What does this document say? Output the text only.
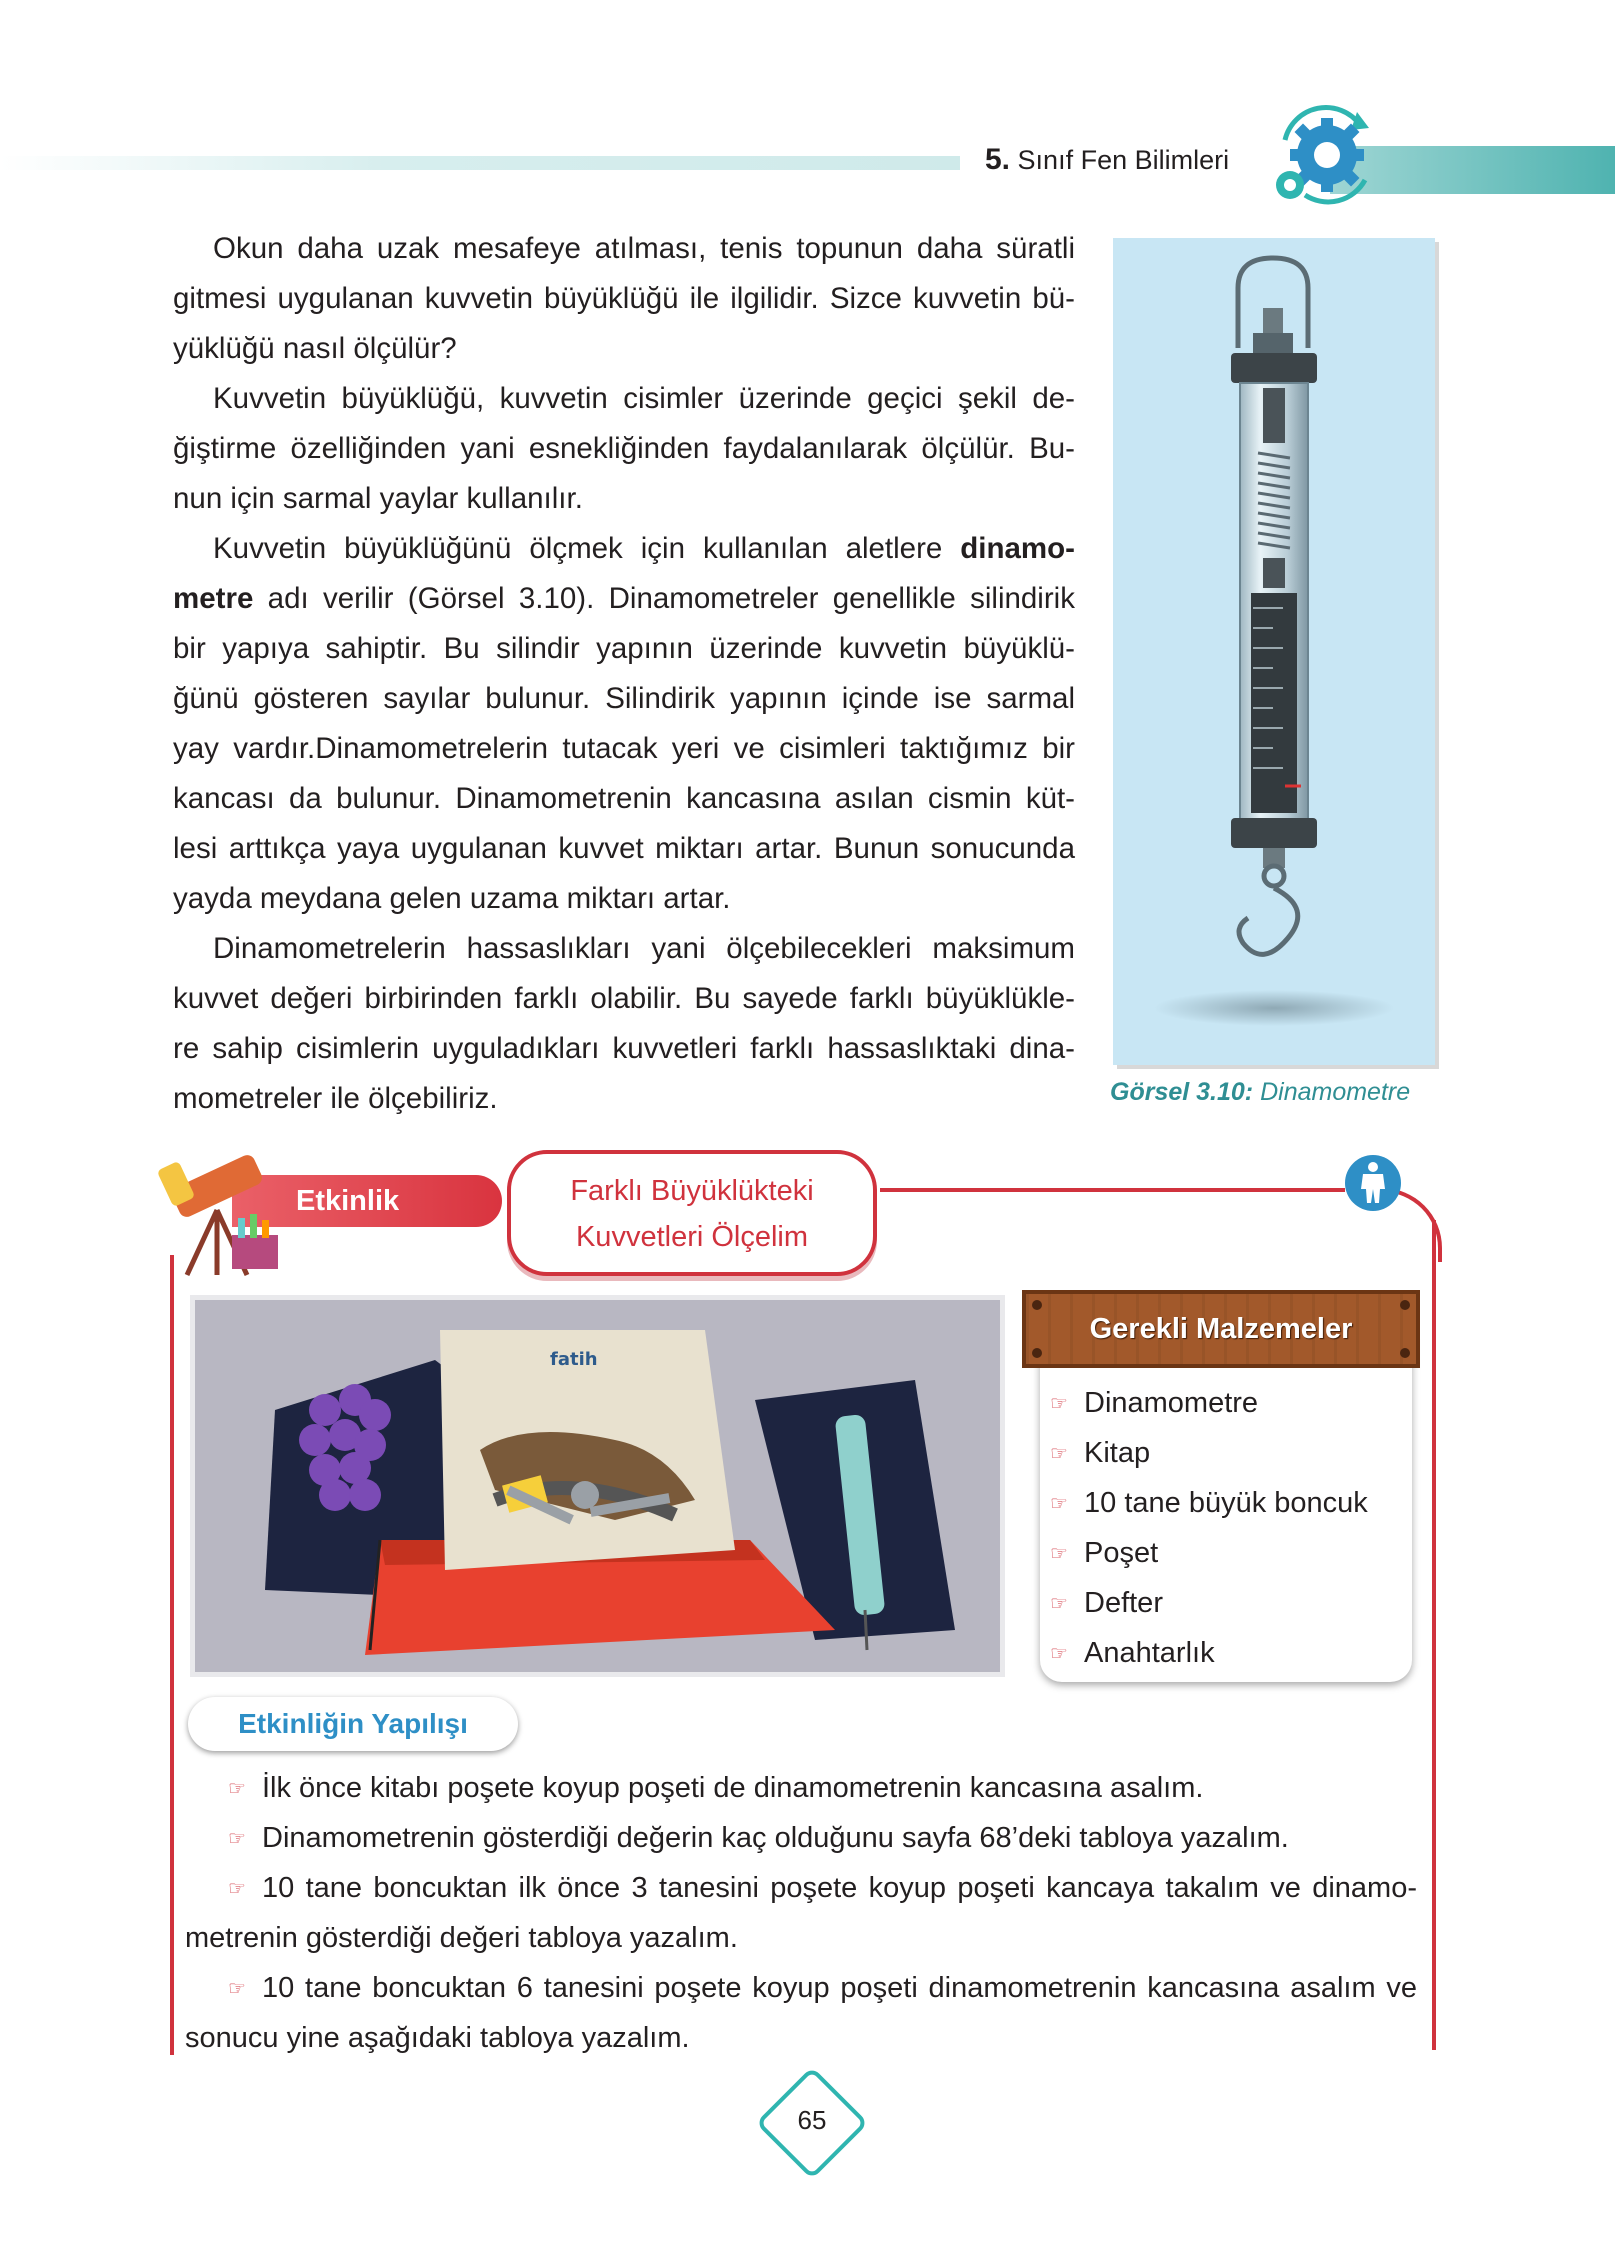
5. Sınıf Fen Bilimleri
Okun daha uzak mesafeye atılması, tenis topunun daha süratli
gitmesi uygulanan kuvvetin büyüklüğü ile ilgilidir. Sizce kuvvetin bü-
yüklüğü nasıl ölçülür?
Kuvvetin büyüklüğü, kuvvetin cisimler üzerinde geçici şekil de-
ğiştirme özelliğinden yani esnekliğinden faydalanılarak ölçülür. Bu-
nun için sarmal yaylar kullanılır.
Kuvvetin büyüklüğünü ölçmek için kullanılan aletlere dinamo-
metre adı verilir (Görsel 3.10). Dinamometreler genellikle silindirik
bir yapıya sahiptir. Bu silindir yapının üzerinde kuvvetin büyüklü-
ğünü gösteren sayılar bulunur. Silindirik yapının içinde ise sarmal
yay vardır.Dinamometrelerin tutacak yeri ve cisimleri taktığımız bir
kancası da bulunur. Dinamometrenin kancasına asılan cismin küt-
lesi arttıkça yaya uygulanan kuvvet miktarı artar. Bunun sonucunda
yayda meydana gelen uzama miktarı artar.
Dinamometrelerin hassaslıkları yani ölçebilecekleri maksimum
kuvvet değeri birbirinden farklı olabilir. Bu sayede farklı büyüklükle-
re sahip cisimlerin uyguladıkları kuvvetleri farklı hassaslıktaki dina-
mometreler ile ölçebiliriz.	Görsel 3.10: Dinamometre
Etkinlik	Farklı Büyüklükteki
Kuvvetleri Ölçelim
fatih
Gerekli Malzemeler
☞ Dinamometre
☞ Kitap
☞ 10 tane büyük boncuk
☞ Poşet
☞ Defter
☞ Anahtarlık
Etkinliğin Yapılışı
☞ İlk önce kitabı poşete koyup poşeti de dinamometrenin kancasına asalım.
☞ Dinamometrenin gösterdiği değerin kaç olduğunu sayfa 68’deki tabloya yazalım.
☞ 10 tane boncuktan ilk önce 3 tanesini poşete koyup poşeti kancaya takalım ve dinamo-
metrenin gösterdiği değeri tabloya yazalım.
☞ 10 tane boncuktan 6 tanesini poşete koyup poşeti dinamometrenin kancasına asalım ve
sonucu yine aşağıdaki tabloya yazalım.
65
